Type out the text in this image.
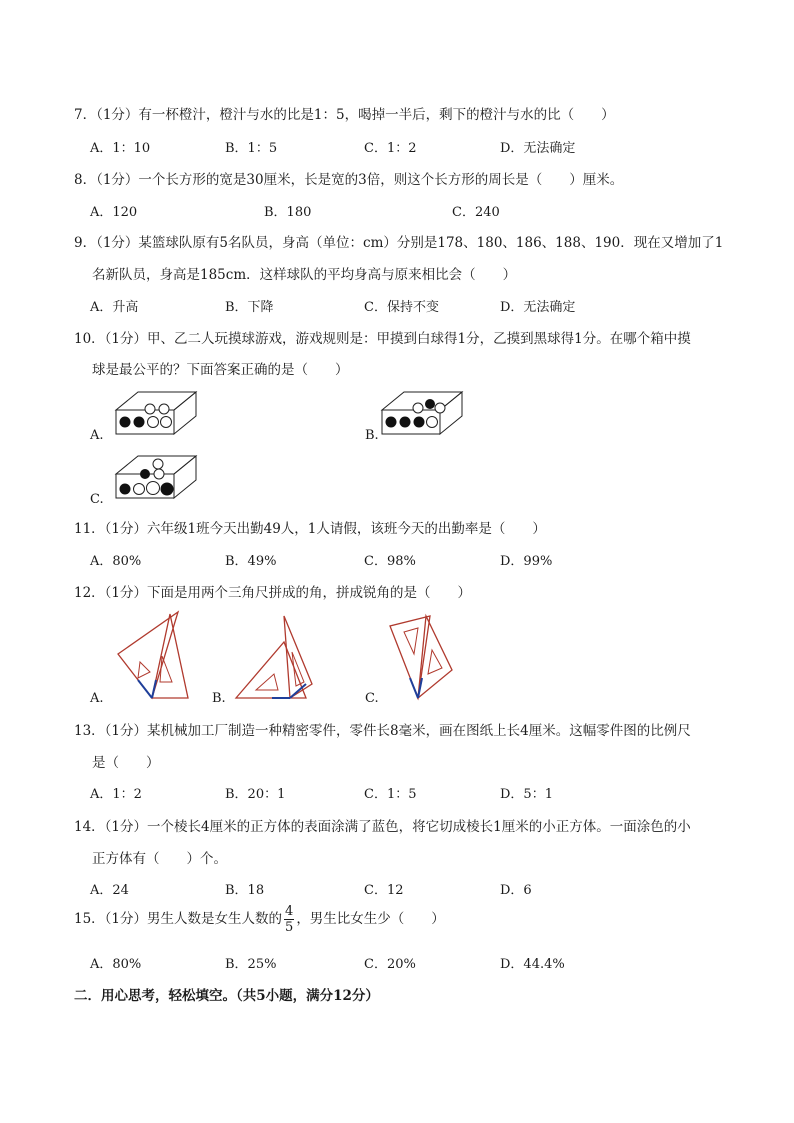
7．（1分）有一杯橙汁，橙汁与水的比是1：5，喝掉一半后，剩下的橙汁与水的比（　　）
A．1：10	B．1：5	C．1：2	D．无法确定
8．（1分）一个长方形的宽是30厘米，长是宽的3倍，则这个长方形的周长是（　　）厘米。
A．120	B．180	C．240
9．（1分）某篮球队原有5名队员，身高（单位：cm）分别是178、180、186、188、190．现在又增加了1
名新队员，身高是185cm．这样球队的平均身高与原来相比会（　　）
A．升高	B．下降	C．保持不变	D．无法确定
10．（1分）甲、乙二人玩摸球游戏，游戏规则是：甲摸到白球得1分，乙摸到黑球得1分。在哪个箱中摸
球是最公平的？下面答案正确的是（　　）
A.	B.
C.
11．（1分）六年级1班今天出勤49人，1人请假，该班今天的出勤率是（　　）
A．80%	B．49%	C．98%	D．99%
12．（1分）下面是用两个三角尺拼成的角，拼成锐角的是（　　）
A.	B.	C.
13．（1分）某机械加工厂制造一种精密零件，零件长8毫米，画在图纸上长4厘米。这幅零件图的比例尺
是（　　）
A．1：2	B．20：1	C．1：5	D．5：1
14．（1分）一个棱长4厘米的正方体的表面涂满了蓝色，将它切成棱长1厘米的小正方体。一面涂色的小
正方体有（　　）个。
A．24	B．18	C．12	D．6
15．（1分）男生人数是女生人数的 $\frac{4}{5}$ ，男生比女生少（　　）
A．80%	B．25%	C．20%	D．44.4%
二．用心思考，轻松填空。（共5小题，满分12分）
